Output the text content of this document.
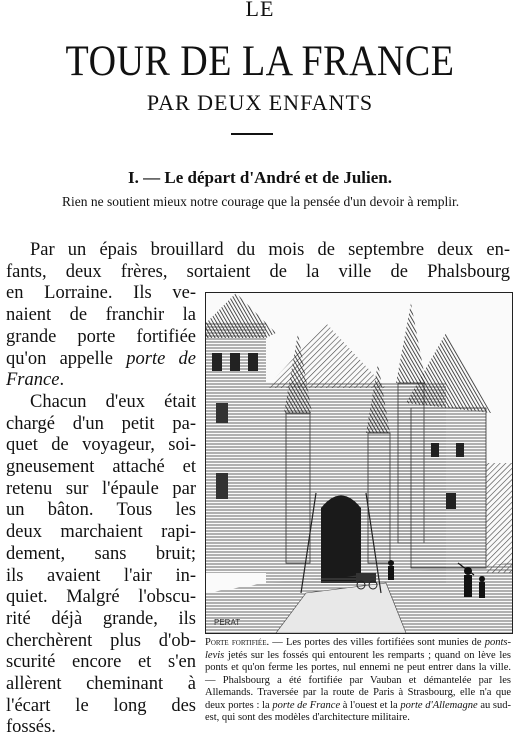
LE
TOUR DE LA FRANCE
PAR DEUX ENFANTS
I. — Le départ d'André et de Julien.
Rien ne soutient mieux notre courage que la pensée d'un devoir à remplir.
Par un épais brouillard du mois de septembre deux en-
fants, deux frères, sortaient de la ville de Phalsbourg
en Lorraine. Ils ve-
naient de franchir la
grande porte fortifiée
qu'on appelle porte de
France.
Chacun d'eux était
chargé d'un petit pa-
quet de voyageur, soi-
gneusement attaché et
retenu sur l'épaule par
un bâton. Tous les
deux marchaient rapi-
dement, sans bruit;
ils avaient l'air in-
quiet. Malgré l'obscu-
rité déjà grande, ils
cherchèrent plus d'ob-
scurité encore et s'en
PERAT
Porte fortifiée. — Les portes des villes fortifiées sont munies de ponts-levis jetés sur les fossés qui entourent les remparts ; quand on lève les ponts et qu'on ferme les portes, nul ennemi ne peut entrer dans la ville. — Phalsbourg a été fortifiée par Vauban et démantelée par les Allemands. Traversée par la route de Paris à Strasbourg, elle n'a que deux portes : la porte de France à l'ouest et la porte d'Allemagne au sud-est, qui sont des modèles d'architecture militaire.
allèrent cheminant à
l'écart le long des
fossés.
